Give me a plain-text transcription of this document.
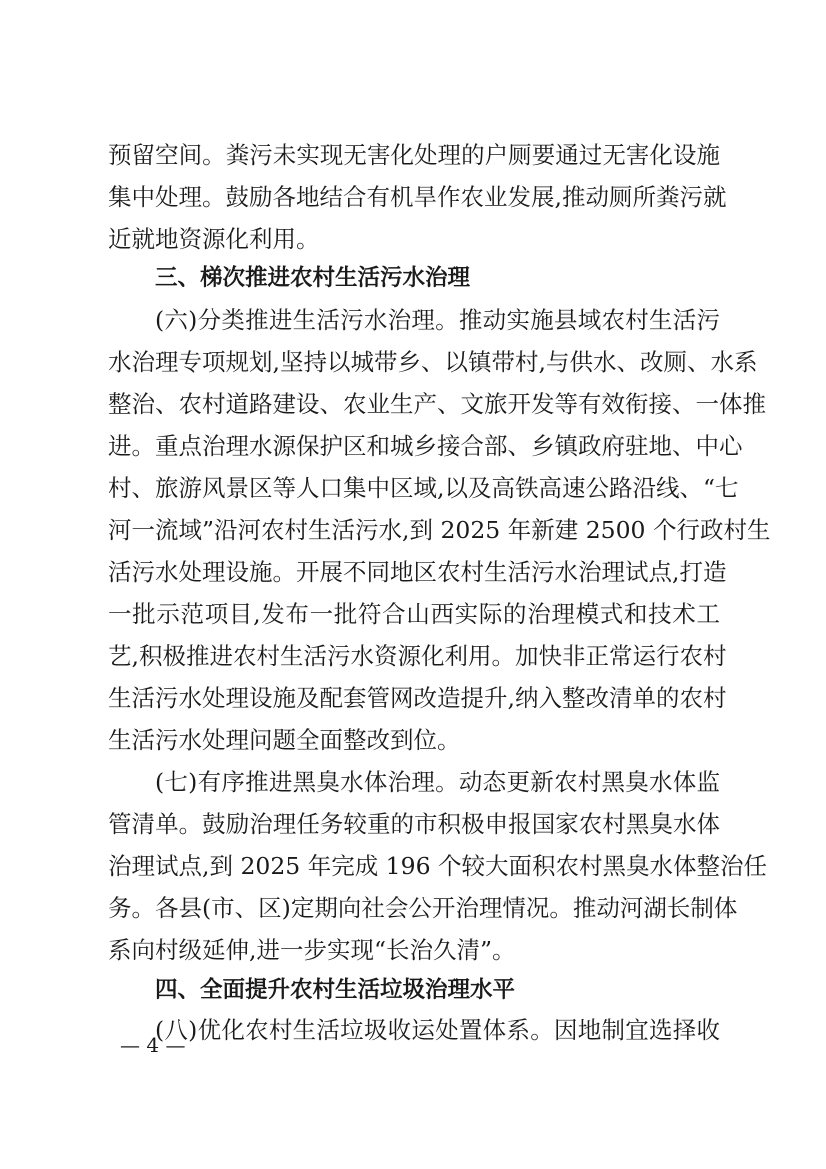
预留空间。粪污未实现无害化处理的户厕要通过无害化设施
集中处理。鼓励各地结合有机旱作农业发展,推动厕所粪污就
近就地资源化利用。
三、梯次推进农村生活污水治理
(六)分类推进生活污水治理。推动实施县域农村生活污
水治理专项规划,坚持以城带乡、以镇带村,与供水、改厕、水系
整治、农村道路建设、农业生产、文旅开发等有效衔接、一体推
进。重点治理水源保护区和城乡接合部、乡镇政府驻地、中心
村、旅游风景区等人口集中区域,以及高铁高速公路沿线、“七
河一流域”沿河农村生活污水,到 2025 年新建 2500 个行政村生
活污水处理设施。开展不同地区农村生活污水治理试点,打造
一批示范项目,发布一批符合山西实际的治理模式和技术工
艺,积极推进农村生活污水资源化利用。加快非正常运行农村
生活污水处理设施及配套管网改造提升,纳入整改清单的农村
生活污水处理问题全面整改到位。
(七)有序推进黑臭水体治理。动态更新农村黑臭水体监
管清单。鼓励治理任务较重的市积极申报国家农村黑臭水体
治理试点,到 2025 年完成 196 个较大面积农村黑臭水体整治任
务。各县(市、区)定期向社会公开治理情况。推动河湖长制体
系向村级延伸,进一步实现“长治久清”。
四、全面提升农村生活垃圾治理水平
(八)优化农村生活垃圾收运处置体系。因地制宜选择收
— 4 —
